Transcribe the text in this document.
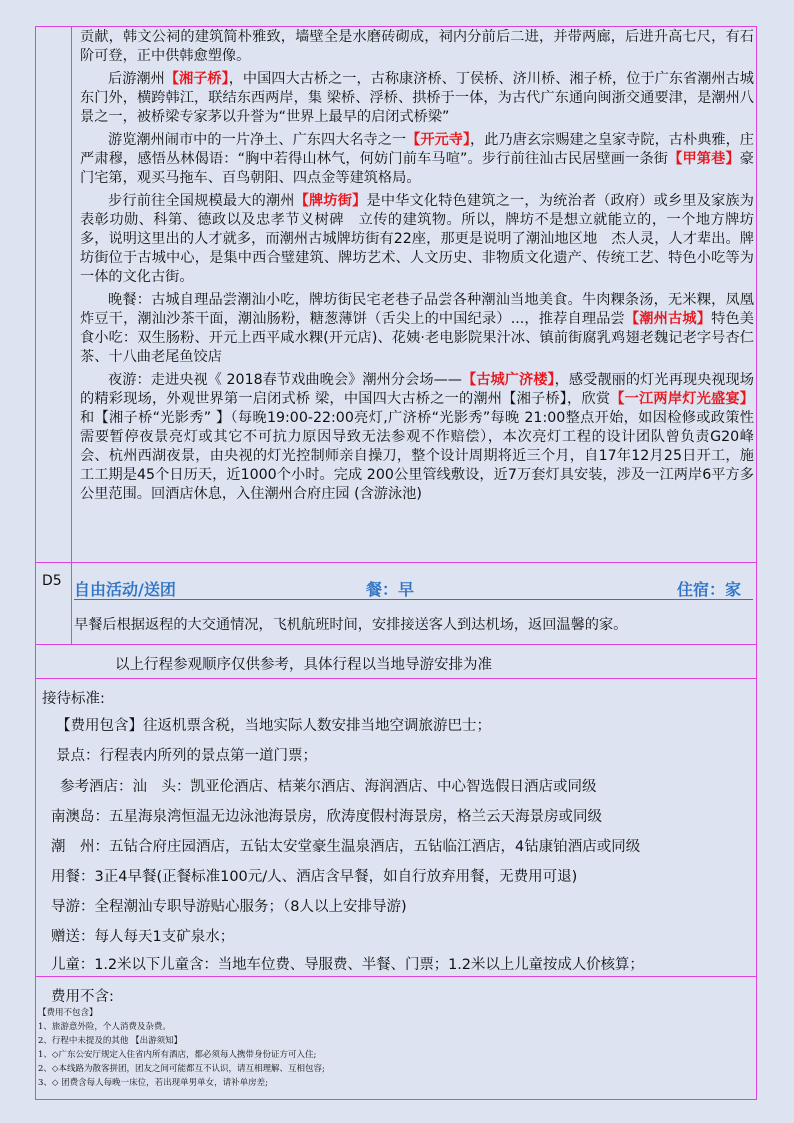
贡献，韩文公祠的建筑简朴雅致，墙壁全是水磨砖砌成，祠内分前后二进，并带两廊，后进升高七尺，有石阶可登，正中供韩愈塑像。

后游潮州【湘子桥】，中国四大古桥之一，古称康济桥、丁侯桥、济川桥、湘子桥，位于广东省潮州古城东门外，横跨韩江，联结东西两岸，集 梁桥、浮桥、拱桥于一体，为古代广东通向闽浙交通要津，是潮州八景之一，被桥梁专家茅以升誉为“世界上最早的启闭式桥梁”

游览潮州闹市中的一片净土、广东四大名寺之一【开元寺】，此乃唐玄宗赐建之皇家寺院，古朴典雅，庄严肃穆，感悟丛林偈语：“胸中若得山林气，何妨门前车马喧”。步行前往汕古民居壁画一条街【甲第巷】豪门宅第，观买马拖车、百鸟朝阳、四点金等建筑格局。

步行前往全国规模最大的潮州【牌坊街】是中华文化特色建筑之一，为统治者（政府）或乡里及家族为表彰功勋、科第、德政以及忠孝节义树碑　立传的建筑物。所以，牌坊不是想立就能立的，一个地方牌坊多，说明这里出的人才就多，而潮州古城牌坊街有22座，那更是说明了潮汕地区地　杰人灵，人才辈出。牌坊街位于古城中心，是集中西合璧建筑、牌坊艺术、人文历史、非物质文化遗产、传统工艺、特色小吃等为一体的文化古街。

晚餐：古城自理品尝潮汕小吃，牌坊街民宅老巷子品尝各种潮汕当地美食。牛肉粿条汤，无米粿，凤凰炸豆干，潮汕沙茶干面，潮汕肠粉，糖葱薄饼（舌尖上的中国纪录）...，推荐自理品尝【潮州古城】特色美食小吃：双生肠粉、开元上西平咸水粿(开元店)、花姨·老电影院果汁冰、镇前街腐乳鸡翅老魏记老字号杏仁茶、十八曲老尾鱼饺店

夜游：走进央视《 2018春节戏曲晚会》潮州分会场——【古城广济楼】，感受靓丽的灯光再现央视现场的精彩现场，外观世界第一启闭式桥 梁，中国四大古桥之一的潮州【湘子桥】，欣赏【一江两岸灯光盛宴】和【湘子桥“光影秀” 】（每晚19:00-22:00亮灯,广济桥“光影秀”每晚 21:00整点开始，如因检修或政策性需要暂停夜景亮灯或其它不可抗力原因导致无法参观不作赔偿），本次亮灯工程的设计团队曾负责G20峰会、杭州西湖夜景，由央视的灯光控制师亲自操刀，整个设计周期将近三个月，自17年12月25日开工，施工工期是45个日历天，近1000个小时。完成 200公里管线敷设，近7万套灯具安装，涉及一江两岸6平方多公里范围。回酒店休息，入住潮州合府庄园 (含游泳池)

D5 自由活动/送团	餐：早	住宿：家
早餐后根据返程的大交通情况，飞机航班时间，安排接送客人到达机场，返回温馨的家。
以上行程参观顺序仅供参考，具体行程以当地导游安排为准
接待标准:
【费用包含】往返机票含税，当地实际人数安排当地空调旅游巴士；
景点：行程表内所列的景点第一道门票；
参考酒店：汕　头：凯亚伦酒店、桔莱尔酒店、海润酒店、中心智选假日酒店或同级
南澳岛：五星海泉湾恒温无边泳池海景房，欣涛度假村海景房，格兰云天海景房或同级
潮　州：五钻合府庄园酒店，五钻太安堂豪生温泉酒店，五钻临江酒店，4钻康铂酒店或同级
用餐：3正4早餐(正餐标准100元/人、酒店含早餐，如自行放弃用餐，无费用可退)
导游：全程潮汕专职导游贴心服务；（8人以上安排导游)
赠送：每人每天1支矿泉水；
儿童：1.2米以下儿童含：当地车位费、导服费、半餐、门票；1.2米以上儿童按成人价核算；
费用不含:
【费用不包含】
1、旅游意外险，个人消费及杂费。
2、行程中未提及的其他 【出游须知】
1、◇广东公安厅规定入住省内所有酒店，都必须每人携带身份证方可入住;
2、◇本线路为散客拼团，团友之间可能都互不认识，请互相理解、互相包容;
3、◇ 团费含每人每晚一床位，若出现单男单女，请补单房差;
